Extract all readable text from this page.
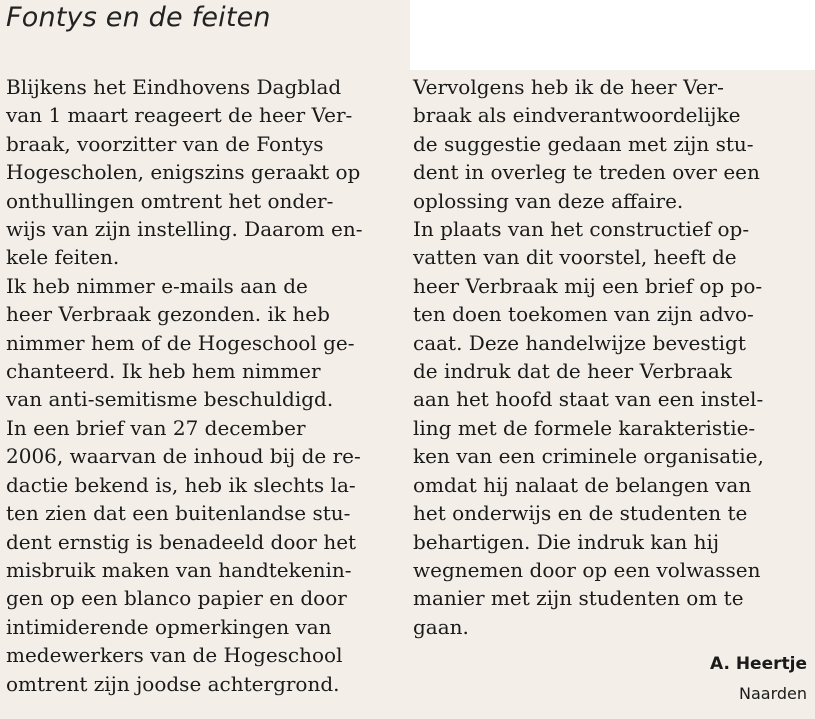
Fontys en de feiten
Blijkens het Eindhovens Dagblad
van 1 maart reageert de heer Ver-
braak, voorzitter van de Fontys
Hogescholen, enigszins geraakt op
onthullingen omtrent het onder-
wijs van zijn instelling. Daarom en-
kele feiten.
Ik heb nimmer e-mails aan de
heer Verbraak gezonden. ik heb
nimmer hem of de Hogeschool ge-
chanteerd. Ik heb hem nimmer
van anti-semitisme beschuldigd.
In een brief van 27 december
2006, waarvan de inhoud bij de re-
dactie bekend is, heb ik slechts la-
ten zien dat een buitenlandse stu-
dent ernstig is benadeeld door het
misbruik maken van handtekenin-
gen op een blanco papier en door
intimiderende opmerkingen van
medewerkers van de Hogeschool
omtrent zijn joodse achtergrond.
Vervolgens heb ik de heer Ver-
braak als eindverantwoordelijke
de suggestie gedaan met zijn stu-
dent in overleg te treden over een
oplossing van deze affaire.
In plaats van het constructief op-
vatten van dit voorstel, heeft de
heer Verbraak mij een brief op po-
ten doen toekomen van zijn advo-
caat. Deze handelwijze bevestigt
de indruk dat de heer Verbraak
aan het hoofd staat van een instel-
ling met de formele karakteristie-
ken van een criminele organisatie,
omdat hij nalaat de belangen van
het onderwijs en de studenten te
behartigen. Die indruk kan hij
wegnemen door op een volwassen
manier met zijn studenten om te
gaan.
A. Heertje
Naarden
